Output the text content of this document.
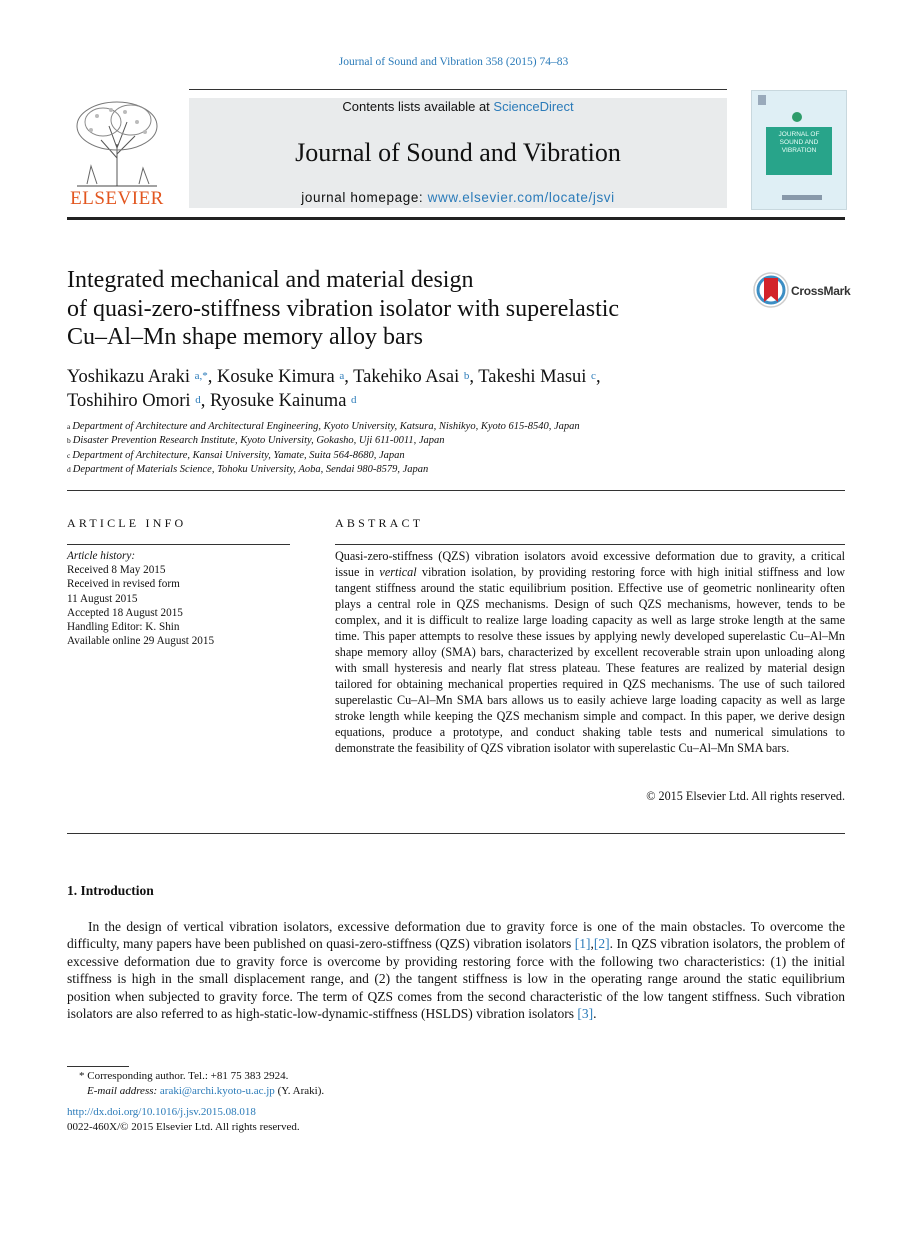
Journal of Sound and Vibration 358 (2015) 74–83
ELSEVIER
Contents lists available at ScienceDirect
Journal of Sound and Vibration
journal homepage: www.elsevier.com/locate/jsvi
JOURNAL OF SOUND AND VIBRATION
Integrated mechanical and material design
of quasi-zero-stiffness vibration isolator with superelastic
Cu–Al–Mn shape memory alloy bars
CrossMark
Yoshikazu Araki $^{a,*}$, Kosuke Kimura $^a$, Takehiko Asai $^b$, Takeshi Masui $^c$,
Toshihiro Omori $^d$, Ryosuke Kainuma $^d$
$^a$ Department of Architecture and Architectural Engineering, Kyoto University, Katsura, Nishikyo, Kyoto 615-8540, Japan
$^b$ Disaster Prevention Research Institute, Kyoto University, Gokasho, Uji 611-0011, Japan
$^c$ Department of Architecture, Kansai University, Yamate, Suita 564-8680, Japan
$^d$ Department of Materials Science, Tohoku University, Aoba, Sendai 980-8579, Japan
ARTICLE INFO
Article history:
Received 8 May 2015
Received in revised form
11 August 2015
Accepted 18 August 2015
Handling Editor: K. Shin
Available online 29 August 2015
ABSTRACT
Quasi-zero-stiffness (QZS) vibration isolators avoid excessive deformation due to gravity, a critical issue in vertical vibration isolation, by providing restoring force with high initial stiffness and low tangent stiffness around the static equilibrium position. Effective use of geometric nonlinearity often plays a central role in QZS mechanisms. Design of such QZS mechanisms, however, tends to be complex, and it is difficult to realize large loading capacity as well as large stroke length at the same time. This paper attempts to resolve these issues by applying newly developed superelastic Cu–Al–Mn shape memory alloy (SMA) bars, characterized by excellent recoverable strain upon unloading along with small hysteresis and nearly flat stress plateau. These features are realized by material design tailored for obtaining mechanical properties required in QZS mechanisms. The use of such tailored superelastic Cu–Al–Mn SMA bars allows us to easily achieve large loading capacity as well as large stroke length while keeping the QZS mechanism simple and compact. In this paper, we derive design equations, produce a prototype, and conduct shaking table tests and numerical simulations to demonstrate the feasibility of QZS vibration isolator with superelastic Cu–Al–Mn SMA bars.
© 2015 Elsevier Ltd. All rights reserved.
1. Introduction
In the design of vertical vibration isolators, excessive deformation due to gravity force is one of the main obstacles. To overcome the difficulty, many papers have been published on quasi-zero-stiffness (QZS) vibration isolators [1],[2]. In QZS vibration isolators, the problem of excessive deformation due to gravity force is overcome by providing restoring force with the following two characteristics: (1) the initial stiffness is high in the small displacement range, and (2) the tangent stiffness is low in the operating range around the static equilibrium position when subjected to gravity force. The term of QZS comes from the second characteristic of the low tangent stiffness. Such vibration isolators are also referred to as high-static-low-dynamic-stiffness (HSLDS) vibration isolators [3].
* Corresponding author. Tel.: +81 75 383 2924.
E-mail address: araki@archi.kyoto-u.ac.jp (Y. Araki).
http://dx.doi.org/10.1016/j.jsv.2015.08.018
0022-460X/© 2015 Elsevier Ltd. All rights reserved.
